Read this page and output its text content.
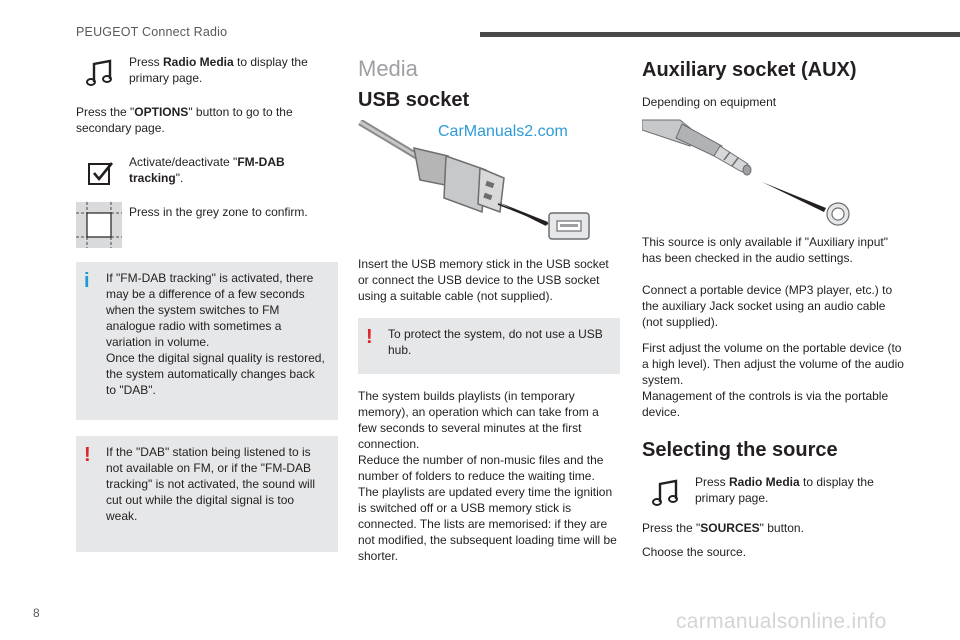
PEUGEOT Connect Radio

Press Radio Media to display the primary page.

Press the "OPTIONS" button to go to the secondary page.

Activate/deactivate "FM-DAB tracking".

Press in the grey zone to confirm.

i If "FM-DAB tracking" is activated, there may be a difference of a few seconds when the system switches to FM analogue radio with sometimes a variation in volume.

Once the digital signal quality is restored, the system automatically changes back to "DAB".

! If the "DAB" station being listened to is not available on FM, or if the "FM-DAB tracking" is not activated, the sound will cut out while the digital signal is too weak.

Media
USB socket
CarManuals2.com

Insert the USB memory stick in the USB socket or connect the USB device to the USB socket using a suitable cable (not supplied).

! To protect the system, do not use a USB hub.

The system builds playlists (in temporary memory), an operation which can take from a few seconds to several minutes at the first connection.

Reduce the number of non-music files and the number of folders to reduce the waiting time.

The playlists are updated every time the ignition is switched off or a USB memory stick is connected. The lists are memorised: if they are not modified, the subsequent loading time will be shorter.

Auxiliary socket (AUX)

Depending on equipment

This source is only available if "Auxiliary input" has been checked in the audio settings.

Connect a portable device (MP3 player, etc.) to the auxiliary Jack socket using an audio cable (not supplied).

First adjust the volume on the portable device (to a high level). Then adjust the volume of the audio system.

Management of the controls is via the portable device.

Selecting the source

Press Radio Media to display the primary page.

Press the "SOURCES" button.

Choose the source.

8	carmanualsonline.info
